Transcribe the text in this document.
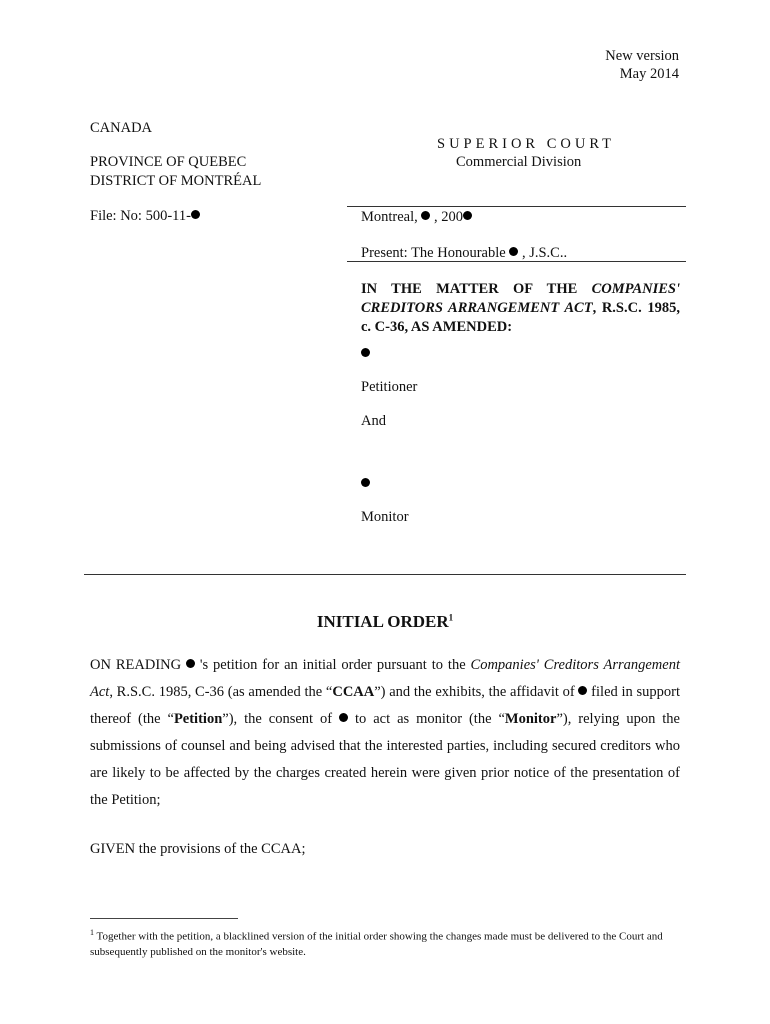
New version
May 2014
CANADA
PROVINCE OF QUEBEC
DISTRICT OF MONTRÉAL
File: No: 500-11-
SUPERIOR COURT
Commercial Division
Montreal,  , 200
Present: The Honourable  , J.S.C..
IN THE MATTER OF THE COMPANIES' CREDITORS ARRANGEMENT ACT, R.S.C. 1985, c. C-36, AS AMENDED:
Petitioner
And
Monitor
INITIAL ORDER$^1$
ON READING  's petition for an initial order pursuant to the Companies' Creditors Arrangement Act, R.S.C. 1985, C-36 (as amended the “CCAA”) and the exhibits, the affidavit of  filed in support thereof (the “Petition”), the consent of  to act as monitor (the “Monitor”), relying upon the submissions of counsel and being advised that the interested parties, including secured creditors who are likely to be affected by the charges created herein were given prior notice of the presentation of the Petition;
GIVEN the provisions of the CCAA;
$^1$ Together with the petition, a blacklined version of the initial order showing the changes made must be delivered to the Court and subsequently published on the monitor's website.
